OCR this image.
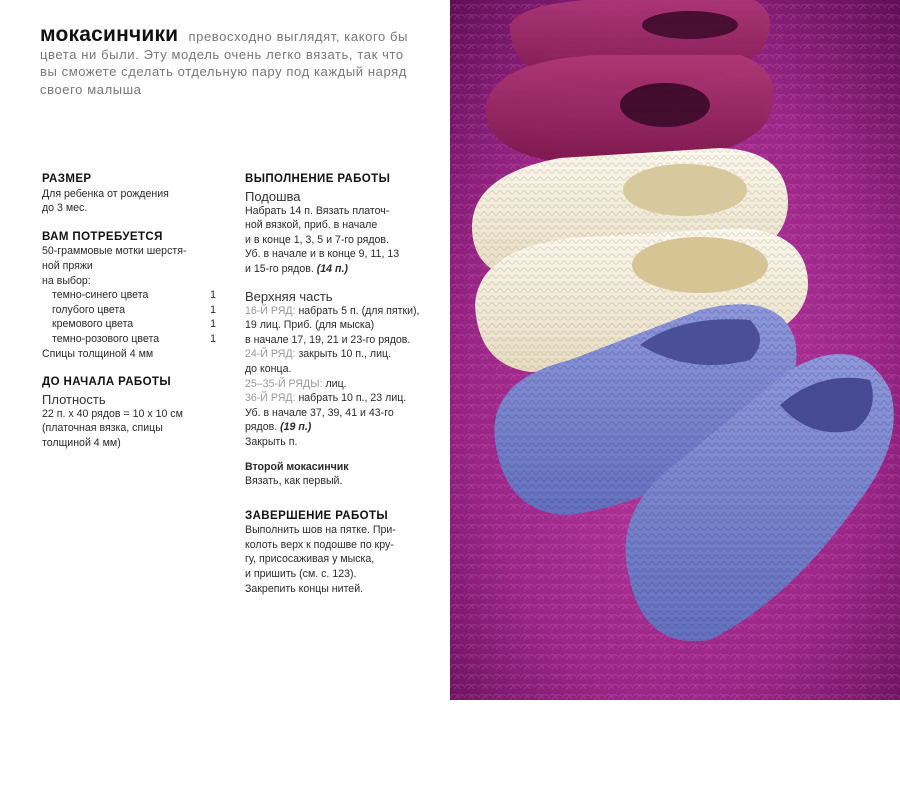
мокасинчики превосходно выглядят, какого бы цвета ни были. Эту модель очень легко вязать, так что вы сможете сделать отдельную пару под каждый наряд своего малыша
РАЗМЕР
Для ребенка от рождения
до 3 мес.
ВАМ ПОТРЕБУЕТСЯ
50-граммовые мотки шерстя-
ной пряжи
на выбор:
темно-синего цвета	1
голубого цвета	1
кремового цвета	1
темно-розового цвета	1
Спицы толщиной 4 мм
ДО НАЧАЛА РАБОТЫ
Плотность
22 п. х 40 рядов = 10 х 10 см
(платочная вязка, спицы
толщиной 4 мм)
ВЫПОЛНЕНИЕ РАБОТЫ
Подошва
Набрать 14 п. Вязать платоч-
ной вязкой, приб. в начале
и в конце 1, 3, 5 и 7-го рядов.
Уб. в начале и в конце 9, 11, 13
и 15-го рядов. (14 п.)
Верхняя часть
16-Й РЯД: набрать 5 п. (для пятки),
19 лиц. Приб. (для мыска)
в начале 17, 19, 21 и 23-го рядов.
24-Й РЯД: закрыть 10 п., лиц.
до конца.
25–35-Й РЯДЫ: лиц.
36-Й РЯД: набрать 10 п., 23 лиц.
Уб. в начале 37, 39, 41 и 43-го
рядов. (19 п.)
Закрыть п.
Второй мокасинчик
Вязать, как первый.
ЗАВЕРШЕНИЕ РАБОТЫ
Выполнить шов на пятке. При-
колоть верх к подошве по кру-
гу, присосаживая у мыска,
и пришить (см. с. 123).
Закрепить концы нитей.
